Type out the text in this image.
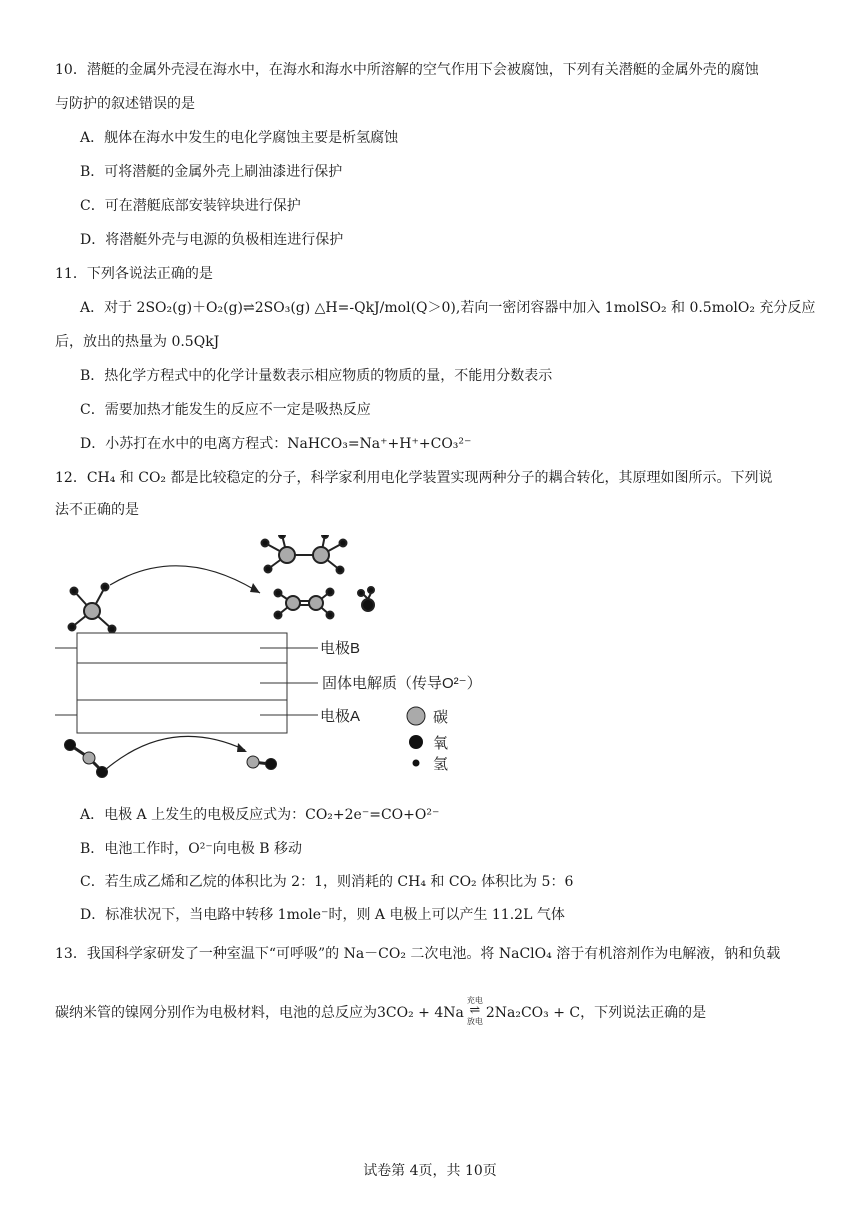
10．潜艇的金属外壳浸在海水中，在海水和海水中所溶解的空气作用下会被腐蚀，下列有关潜艇的金属外壳的腐蚀
与防护的叙述错误的是
A．舰体在海水中发生的电化学腐蚀主要是析氢腐蚀
B．可将潜艇的金属外壳上刷油漆进行保护
C．可在潜艇底部安装锌块进行保护
D．将潜艇外壳与电源的负极相连进行保护
11．下列各说法正确的是
A．对于 2SO₂(g)＋O₂(g)⇌2SO₃(g) △H=-QkJ/mol(Q＞0),若向一密闭容器中加入 1molSO₂ 和 0.5molO₂ 充分反应
后，放出的热量为 0.5QkJ
B．热化学方程式中的化学计量数表示相应物质的物质的量，不能用分数表示
C．需要加热才能发生的反应不一定是吸热反应
D．小苏打在水中的电离方程式：NaHCO₃=Na⁺+H⁺+CO₃²⁻
12．CH₄ 和 CO₂ 都是比较稳定的分子，科学家利用电化学装置实现两种分子的耦合转化，其原理如图所示。下列说
法不正确的是
电极B
固体电解质（传导O²⁻）
电极A	碳
氧
氢
A．电极 A 上发生的电极反应式为：CO₂+2e⁻=CO+O²⁻
B．电池工作时，O²⁻向电极 B 移动
C．若生成乙烯和乙烷的体积比为 2：1，则消耗的 CH₄ 和 CO₂ 体积比为 5：6
D．标准状况下，当电路中转移 1mole⁻时，则 A 电极上可以产生 11.2L 气体
13．我国科学家研发了一种室温下“可呼吸”的 Na－CO₂ 二次电池。将 NaClO₄ 溶于有机溶剂作为电解液，钠和负载
碳纳米管的镍网分别作为电极材料，电池的总反应为 3CO₂ + 4Na
充电
⇌
放电
2Na₂CO₃ + C ，下列说法正确的是
试卷第 4页，共 10页
